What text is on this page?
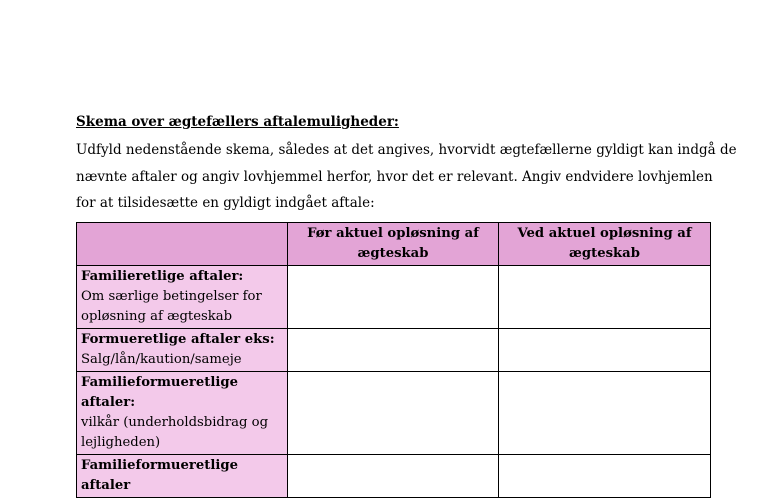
Skema over ægtefællers aftalemuligheder:
Udfyld nedenstående skema, således at det angives, hvorvidt ægtefællerne gyldigt kan indgå de
nævnte aftaler og angiv lovhjemmel herfor, hvor det er relevant. Angiv endvidere lovhjemlen
for at tilsidesætte en gyldigt indgået aftale:
	Før aktuel opløsning af ægteskab	Ved aktuel opløsning af ægteskab

Familieretlige aftaler:
Om særlige betingelser for opløsning af ægteskab		

Formueretlige aftaler eks:
Salg/lån/kaution/sameje		

Familieformueretlige aftaler:
vilkår (underholdsbidrag og lejligheden)		

Familieformueretlige aftaler		
